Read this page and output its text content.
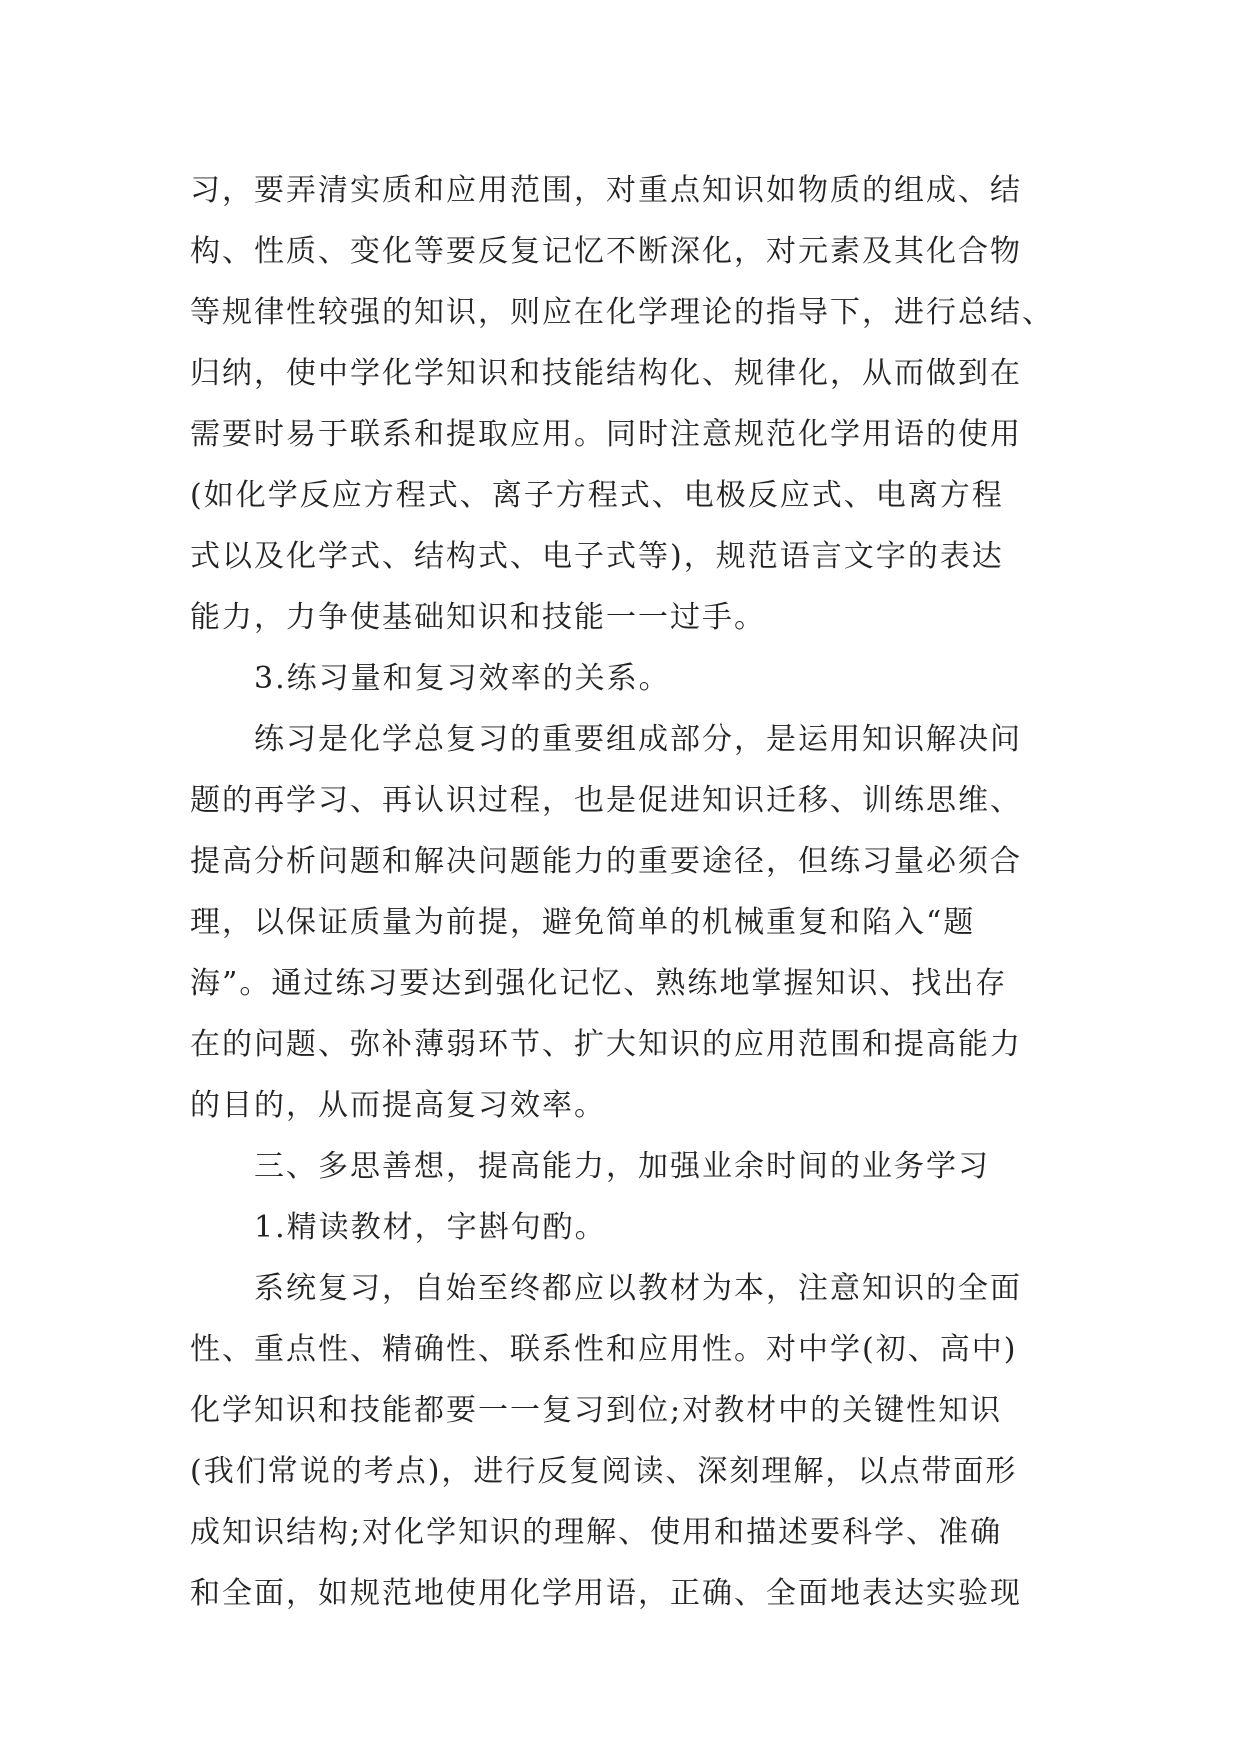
习，要弄清实质和应用范围，对重点知识如物质的组成、结
构、性质、变化等要反复记忆不断深化，对元素及其化合物
等规律性较强的知识，则应在化学理论的指导下，进行总结、
归纳，使中学化学知识和技能结构化、规律化，从而做到在
需要时易于联系和提取应用。同时注意规范化学用语的使用
(如化学反应方程式、离子方程式、电极反应式、电离方程
式以及化学式、结构式、电子式等)，规范语言文字的表达
能力，力争使基础知识和技能一一过手。
3.练习量和复习效率的关系。
练习是化学总复习的重要组成部分，是运用知识解决问
题的再学习、再认识过程，也是促进知识迁移、训练思维、
提高分析问题和解决问题能力的重要途径，但练习量必须合
理，以保证质量为前提，避免简单的机械重复和陷入“题
海”。通过练习要达到强化记忆、熟练地掌握知识、找出存
在的问题、弥补薄弱环节、扩大知识的应用范围和提高能力
的目的，从而提高复习效率。
三、多思善想，提高能力，加强业余时间的业务学习
1.精读教材，字斟句酌。
系统复习，自始至终都应以教材为本，注意知识的全面
性、重点性、精确性、联系性和应用性。对中学(初、高中)
化学知识和技能都要一一复习到位;对教材中的关键性知识
(我们常说的考点)，进行反复阅读、深刻理解，以点带面形
成知识结构;对化学知识的理解、使用和描述要科学、准确
和全面，如规范地使用化学用语，正确、全面地表达实验现
